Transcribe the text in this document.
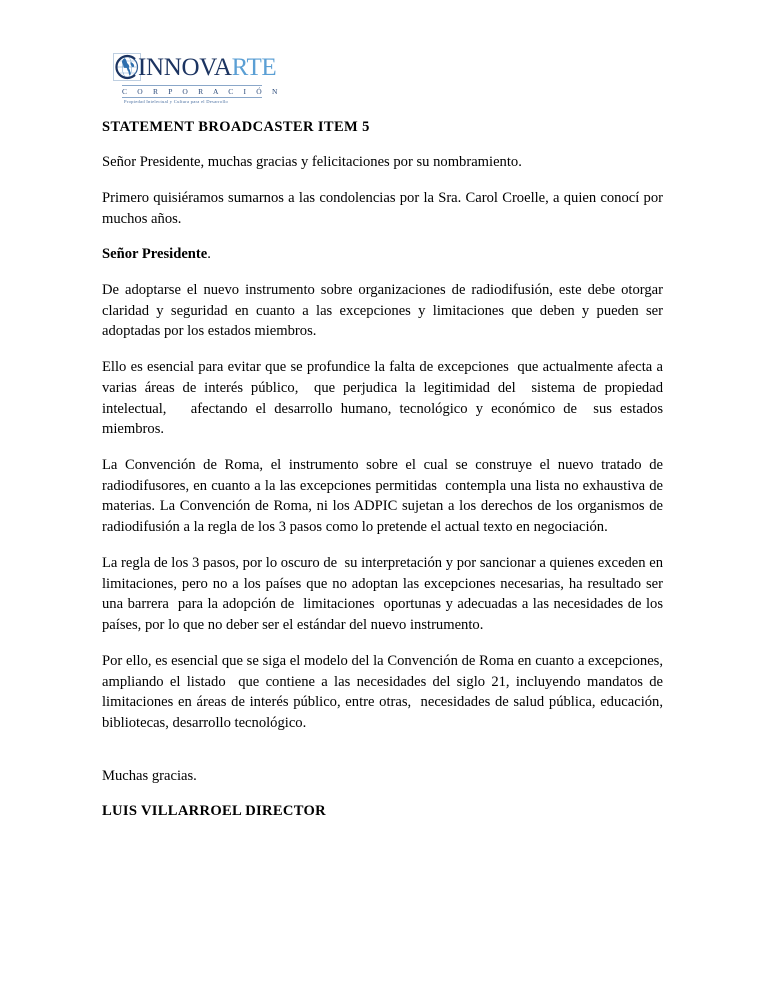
INNOVARTE
C O R P O R A C I Ó N
Propiedad Intelectual y Cultura para el Desarrollo
STATEMENT BROADCASTER ITEM 5

Señor Presidente, muchas gracias y felicitaciones por su nombramiento.

Primero quisiéramos sumarnos a las condolencias por la Sra. Carol Croelle, a quien conocí por muchos años.

Señor Presidente.

De adoptarse el nuevo instrumento sobre organizaciones de radiodifusión, este debe otorgar claridad y seguridad en cuanto a las excepciones y limitaciones que deben y pueden ser adoptadas por los estados miembros.

Ello es esencial para evitar que se profundice la falta de excepciones  que actualmente afecta a varias áreas de interés público,  que perjudica la legitimidad del  sistema de propiedad intelectual,   afectando el desarrollo humano, tecnológico y económico de  sus estados miembros.

La Convención de Roma, el instrumento sobre el cual se construye el nuevo tratado de radiodifusores, en cuanto a la las excepciones permitidas  contempla una lista no exhaustiva de materias. La Convención de Roma, ni los ADPIC sujetan a los derechos de los organismos de radiodifusión a la regla de los 3 pasos como lo pretende el actual texto en negociación.

La regla de los 3 pasos, por lo oscuro de  su interpretación y por sancionar a quienes exceden en limitaciones, pero no a los países que no adoptan las excepciones necesarias, ha resultado ser  una barrera  para la adopción de  limitaciones  oportunas y adecuadas a las necesidades de los países, por lo que no deber ser el estándar del nuevo instrumento.

Por ello, es esencial que se siga el modelo del la Convención de Roma en cuanto a excepciones, ampliando el listado  que contiene a las necesidades del siglo 21, incluyendo mandatos de limitaciones en áreas de interés público, entre otras,  necesidades de salud pública, educación, bibliotecas, desarrollo tecnológico.

Muchas gracias.

LUIS VILLARROEL DIRECTOR
